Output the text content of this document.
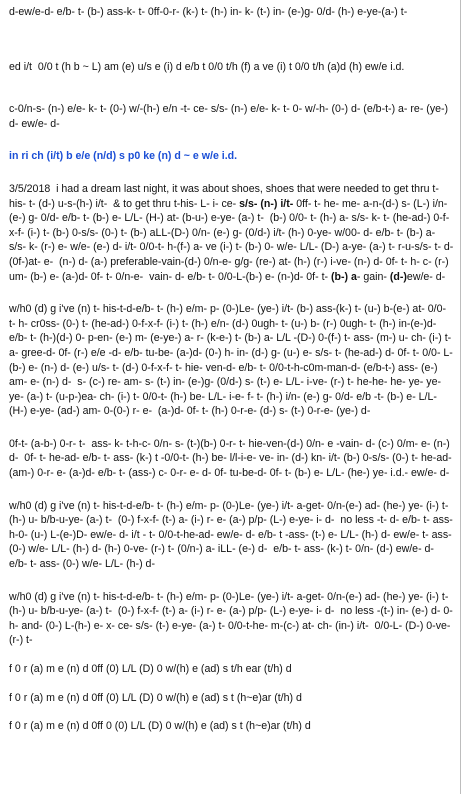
d-ew/e-d- e/b- t- (b-) ass-k- t- 0ff-0-r- (k-) t- (h-) in- k- (t-) in- (e-)g- 0/d- (h-) e-ye-(a-) t-

ed i/t  0/0 t (h b ~ L) am (e) u/s e (i) d e/b t 0/0 t/h (f) a ve (i) t 0/0 t/h (a)d (h) ew/e i.d.

c-0/n-s- (n-) e/e- k- t- (0-) w/-(h-) e/n -t- ce- s/s- (n-) e/e- k- t- 0- w/-h- (0-) d- (e/b-t-) a- re- (ye-) d- ew/e- d-

in ri ch (i/t) b e/e (n/d) s p0 ke (n) d ~ e w/e i.d.

3/5/2018  i had a dream last night, it was about shoes, shoes that were needed to get thru t-his- t- (d-) u-s-(h-) i/t-  & to get thru t-his- L- i- ce- s/s- (n-) i/t- 0ff- t- he- me- a-n-(d-) s- (L-) i/n- (e-) g- 0/d- e/b- t- (b-) e- L/L- (H-) at- (b-u-) e-ye- (a-) t-  (b-) 0/0- t- (h-) a- s/s- k- t- (he-ad-) 0-f-x-f- (i-) t- (b-) 0-s/s- (0-) t- (b-) aLL-(D-) 0/n- (e-) g- (0/d-) i/t- (h-) 0-ye- w/00- d- e/b- t- (b-) a- s/s- k- (r-) e- w/e- (e-) d- i/t- 0/0-t- h-(f-) a- ve (i-) t- (b-) 0- w/e- L/L- (D-) a-ye- (a-) t- r-u-s/s- t- d- (0f-)at- e-  (n-) d- (a-) preferable-vain-(d-) 0/n-e- g/g- (re-) at- (h-) (r-) i-ve- (n-) d- 0f- t- h- c- (r-) um- (b-) e- (a-)d- 0f- t- 0/n-e-  vain- d- e/b- t- 0/0-L-(b-) e- (n-)d- 0f- t- (b-) a- gain- (d-)ew/e- d-

w/h0 (d) g i've (n) t- his-t-d-e/b- t- (h-) e/m- p- (0-)Le- (ye-) i/t- (b-) ass-(k-) t- (u-) b-(e-) at- 0/0- t- h- cr0ss- (0-) t- (he-ad-) 0-f-x-f- (i-) t- (h-) e/n- (d-) 0ugh- t- (u-) b- (r-) 0ugh- t- (h-) in-(e-)d- e/b- t- (h-)(d-) 0- p-en- (e-) m- (e-ye-) a- r- (k-e-) t- (b-) a- L/L -(D-) 0-(f-) t- ass- (m-) u- ch- (i-) t- a- gree-d- 0f- (r-) e/e -d- e/b- tu-be- (a-)d- (0-) h- in- (d-) g- (u-) e- s/s- t- (he-ad-) d- 0f- t- 0/0- L-(b-) e- (n-) d- (e-) u/s- t- (d-) 0-f-x-f- t- hie- ven-d- e/b- t- 0/0-t-h-c0m-man-d- (e/b-t-) ass- (e-) am- e- (n-) d-  s- (c-) re- am- s- (t-) in- (e-)g- (0/d-) s- (t-) e- L/L- i-ve- (r-) t- he-he- he- ye- ye-ye- (a-) t- (u-p-)ea- ch- (i-) t- 0/0-t- (h-) be- L/L- i-e- f- t- (h-) i/n- (e-) g- 0/d- e/b -t- (b-) e- L/L- (H-) e-ye- (ad-) am- 0-(0-) r- e-  (a-)d- 0f- t- (h-) 0-r-e- (d-) s- (t-) 0-r-e- (ye-) d-

0f-t- (a-b-) 0-r- t-  ass- k- t-h-c- 0/n- s- (t-)(b-) 0-r- t- hie-ven-(d-) 0/n- e -vain- d- (c-) 0/m- e- (n-) d-  0f- t- he-ad- e/b- t- ass- (k-) t -0/0-t- (h-) be- l/l-i-e- ve- in- (d-) kn- i/t- (b-) 0-s/s- (0-) t- he-ad- (am-) 0-r- e- (a-)d- e/b- t- (ass-) c- 0-r- e- d- 0f- tu-be-d- 0f- t- (b-) e- L/L- (he-) ye- i.d.- ew/e- d-

w/h0 (d) g i've (n) t- his-t-d-e/b- t- (h-) e/m- p- (0-)Le- (ye-) i/t- a-get- 0/n-(e-) ad- (he-) ye- (i-) t- (h-) u- b/b-u-ye- (a-) t-  (0-) f-x-f- (t-) a- (i-) r- e- (a-) p/p- (L-) e-ye- i- d-  no less -t- d- e/b- t- ass- h-0- (u-) L-(e-)D- ew/e- d- i/t - t- 0/0-t-he-ad- ew/e- d- e/b- t -ass- (t-) e- L/L- (h-) d- ew/e- t- ass- (0-) w/e- L/L- (h-) d- (h-) 0-ve- (r-) t- (0/n-) a- iLL- (e-) d-  e/b- t- ass- (k-) t- 0/n- (d-) ew/e- d- e/b- t- ass- (0-) w/e- L/L- (h-) d-

w/h0 (d) g i've (n) t- his-t-d-e/b- t- (h-) e/m- p- (0-)Le- (ye-) i/t- a-get- 0/n-(e-) ad- (he-) ye- (i-) t- (h-) u- b/b-u-ye- (a-) t-  (0-) f-x-f- (t-) a- (i-) r- e- (a-) p/p- (L-) e-ye- i- d-  no less -(t-) in- (e-) d- 0-h- and- (0-) L-(h-) e- x- ce- s/s- (t-) e-ye- (a-) t- 0/0-t-he- m-(c-) at- ch- (in-) i/t-  0/0-L- (D-) 0-ve- (r-) t-

f 0 r (a) m e (n) d 0ff (0) L/L (D) 0 w/(h) e (ad) s t/h ear (t/h) d

f 0 r (a) m e (n) d 0ff (0) L/L (D) 0 w/(h) e (ad) s t (h~e)ar (t/h) d

f 0 r (a) m e (n) d 0ff 0 (0) L/L (D) 0 w/(h) e (ad) s t (h~e)ar (t/h) d
